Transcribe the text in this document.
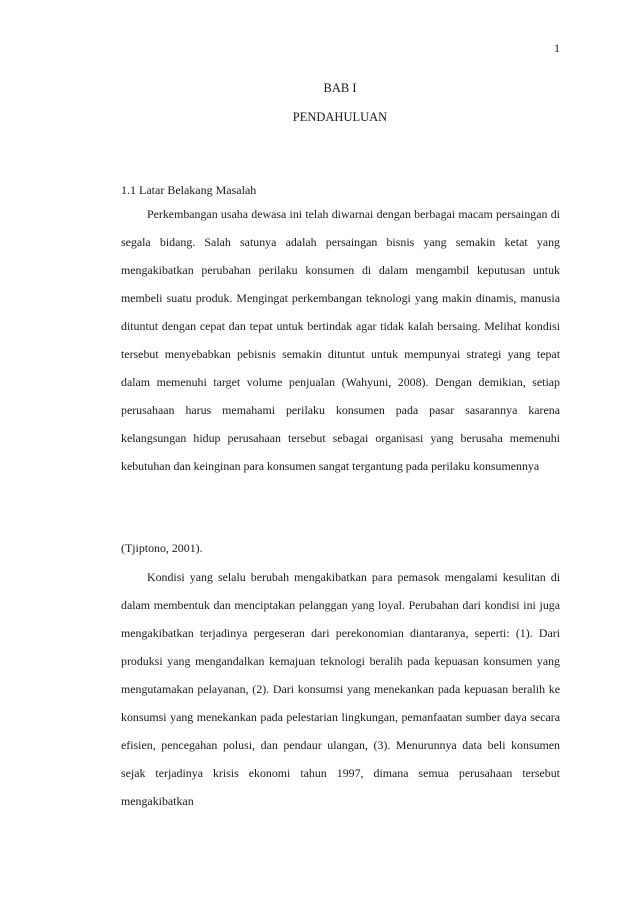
1
BAB I
PENDAHULUAN
1.1 Latar Belakang Masalah

Perkembangan usaha dewasa ini telah diwarnai dengan berbagai macam persaingan di segala bidang. Salah satunya adalah persaingan bisnis yang semakin ketat yang mengakibatkan perubahan perilaku konsumen di dalam mengambil keputusan untuk membeli suatu produk. Mengingat perkembangan teknologi yang makin dinamis, manusia dituntut dengan cepat dan tepat untuk bertindak agar tidak kalah bersaing. Melihat kondisi tersebut menyebabkan pebisnis semakin dituntut untuk mempunyai strategi yang tepat dalam memenuhi target volume penjualan (Wahyuni, 2008). Dengan demikian, setiap perusahaan harus memahami perilaku konsumen pada pasar sasarannya karena kelangsungan hidup perusahaan tersebut sebagai organisasi yang berusaha memenuhi kebutuhan dan keinginan para konsumen sangat tergantung pada perilaku konsumennya

(Tjiptono, 2001).

Kondisi yang selalu berubah mengakibatkan para pemasok mengalami kesulitan di dalam membentuk dan menciptakan pelanggan yang loyal. Perubahan dari kondisi ini juga mengakibatkan terjadinya pergeseran dari perekonomian diantaranya, seperti: (1). Dari produksi yang mengandalkan kemajuan teknologi beralih pada kepuasan konsumen yang mengutamakan pelayanan, (2). Dari konsumsi yang menekankan pada kepuasan beralih ke konsumsi yang menekankan pada pelestarian lingkungan, pemanfaatan sumber daya secara efisien, pencegahan polusi, dan pendaur ulangan, (3). Menurunnya data beli konsumen sejak terjadinya krisis ekonomi tahun 1997, dimana semua perusahaan tersebut mengakibatkan
